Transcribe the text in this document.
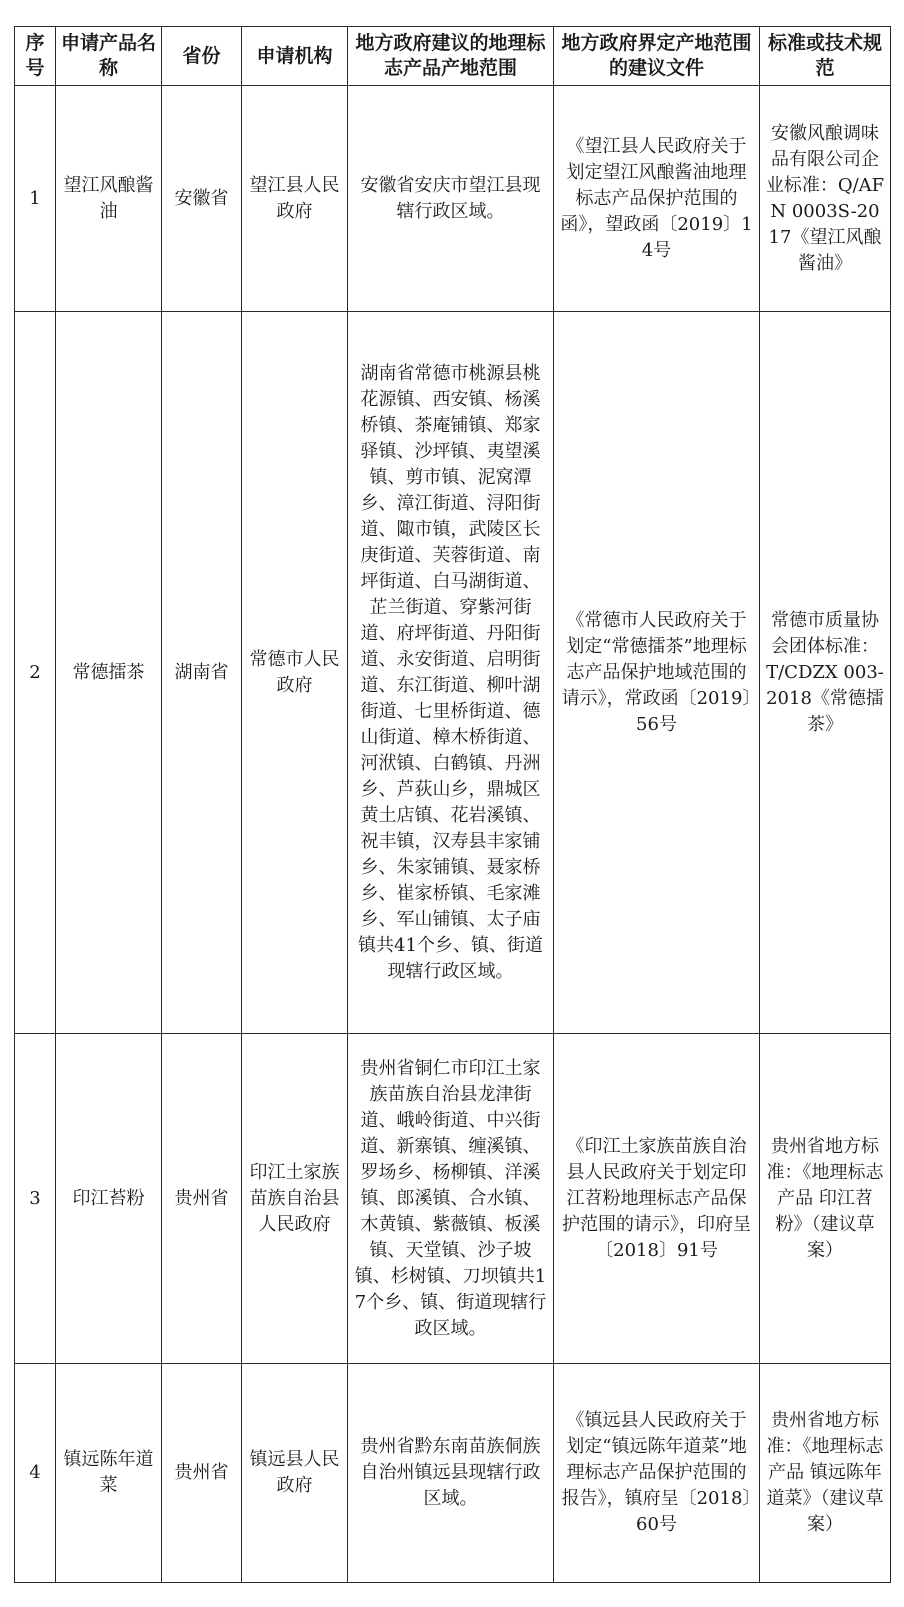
序号	申请产品名称	省份	申请机构	地方政府建议的地理标志产品产地范围	地方政府界定产地范围的建议文件	标准或技术规范
1	望江风酿酱油	安徽省	望江县人民政府	安徽省安庆市望江县现辖行政区域。	《望江县人民政府关于划定望江风酿酱油地理标志产品保护范围的函》，望政函〔2019〕14号	安徽风酿调味品有限公司企业标准：Q/AFN 0003S-2017《望江风酿酱油》
2	常德擂茶	湖南省	常德市人民政府	湖南省常德市桃源县桃花源镇、西安镇、杨溪桥镇、茶庵铺镇、郑家驿镇、沙坪镇、夷望溪镇、剪市镇、泥窝潭乡、漳江街道、浔阳街道、陬市镇，武陵区长庚街道、芙蓉街道、南坪街道、白马湖街道、芷兰街道、穿紫河街道、府坪街道、丹阳街道、永安街道、启明街道、东江街道、柳叶湖街道、七里桥街道、德山街道、樟木桥街道、河洑镇、白鹤镇、丹洲乡、芦荻山乡，鼎城区黄土店镇、花岩溪镇、祝丰镇，汉寿县丰家铺乡、朱家铺镇、聂家桥乡、崔家桥镇、毛家滩乡、军山铺镇、太子庙镇共41个乡、镇、街道现辖行政区域。	《常德市人民政府关于划定“常德擂茶”地理标志产品保护地域范围的请示》，常政函〔2019〕56号	常德市质量协会团体标准：T/CDZX 003-2018《常德擂茶》
3	印江苔粉	贵州省	印江土家族苗族自治县人民政府	贵州省铜仁市印江土家族苗族自治县龙津街道、峨岭街道、中兴街道、新寨镇、缠溪镇、罗场乡、杨柳镇、洋溪镇、郎溪镇、合水镇、木黄镇、紫薇镇、板溪镇、天堂镇、沙子坡镇、杉树镇、刀坝镇共17个乡、镇、街道现辖行政区域。	《印江土家族苗族自治县人民政府关于划定印江苕粉地理标志产品保护范围的请示》，印府呈〔2018〕91号	贵州省地方标准：《地理标志产品 印江苕粉》（建议草案）
4	镇远陈年道菜	贵州省	镇远县人民政府	贵州省黔东南苗族侗族自治州镇远县现辖行政区域。	《镇远县人民政府关于划定“镇远陈年道菜”地理标志产品保护范围的报告》，镇府呈〔2018〕60号	贵州省地方标准：《地理标志产品 镇远陈年道菜》（建议草案）
